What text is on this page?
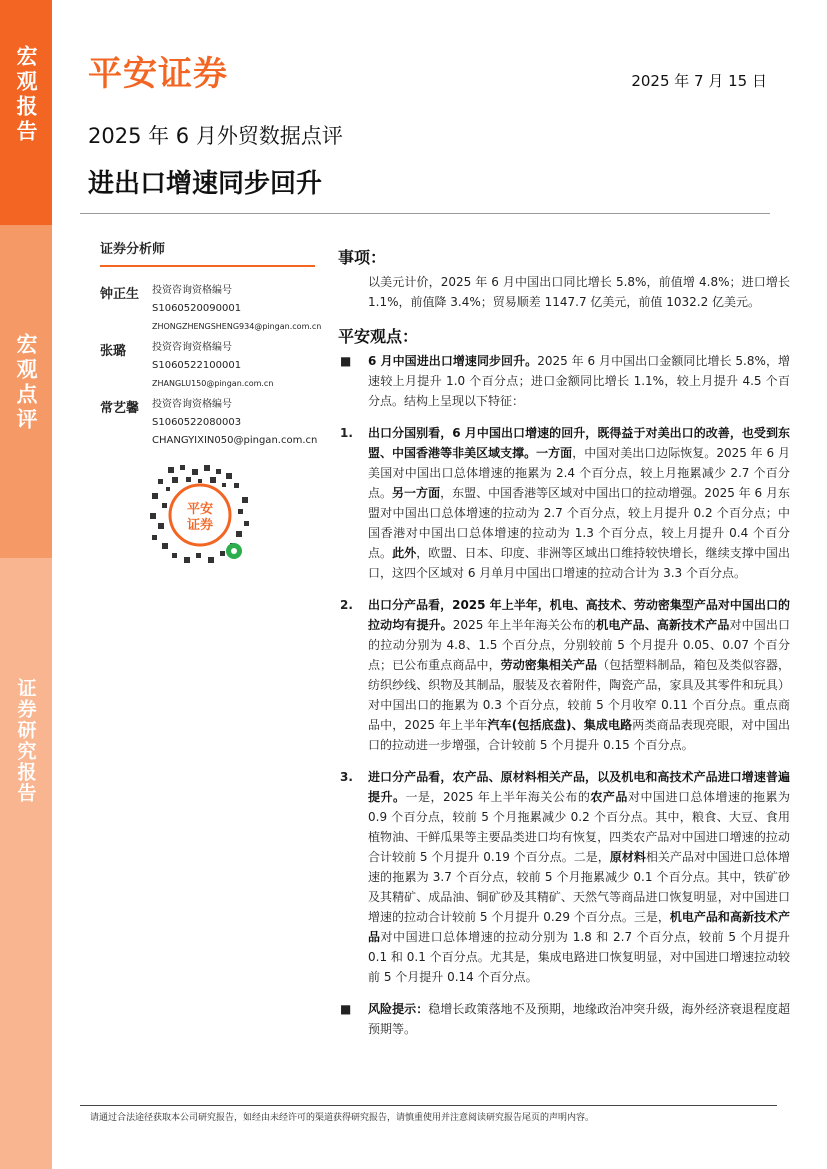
宏观报告
宏观点评
证券研究报告
平安证券	2025 年 7 月 15 日
2025 年 6 月外贸数据点评
进出口增速同步回升
证券分析师
钟正生 投资咨询资格编号
S1060520090001
ZHONGZHENGSHENG934@pingan.com.cn
张璐	投资咨询资格编号
S1060522100001
ZHANGLU150@pingan.com.cn
常艺馨 投资咨询资格编号
S1060522080003
CHANGYIXIN050@pingan.com.cn
平安
证券
事项：
以美元计价，2025 年 6 月中国出口同比增长 5.8%，前值增 4.8%；进口增长 1.1%，前值降 3.4%；贸易顺差 1147.7 亿美元，前值 1032.2 亿美元。
平安观点：
■ 6 月中国进出口增速同步回升。2025 年 6 月中国出口金额同比增长 5.8%，增速较上月提升 1.0 个百分点；进口金额同比增长 1.1%，较上月提升 4.5 个百分点。结构上呈现以下特征：
1. 出口分国别看，6 月中国出口增速的回升，既得益于对美出口的改善，也受到东盟、中国香港等非美区域支撑。一方面，中国对美出口边际恢复。2025 年 6 月美国对中国出口总体增速的拖累为 2.4 个百分点，较上月拖累减少 2.7 个百分点。另一方面，东盟、中国香港等区域对中国出口的拉动增强。2025 年 6 月东盟对中国出口总体增速的拉动为 2.7 个百分点，较上月提升 0.2 个百分点；中国香港对中国出口总体增速的拉动为 1.3 个百分点，较上月提升 0.4 个百分点。此外，欧盟、日本、印度、非洲等区域出口维持较快增长，继续支撑中国出口，这四个区域对 6 月单月中国出口增速的拉动合计为 3.3 个百分点。
2. 出口分产品看，2025 年上半年，机电、高技术、劳动密集型产品对中国出口的拉动均有提升。2025 年上半年海关公布的机电产品、高新技术产品对中国出口的拉动分别为 4.8、1.5 个百分点，分别较前 5 个月提升 0.05、0.07 个百分点；已公布重点商品中，劳动密集相关产品（包括塑料制品，箱包及类似容器，纺织纱线、织物及其制品，服装及衣着附件，陶瓷产品，家具及其零件和玩具）对中国出口的拖累为 0.3 个百分点，较前 5 个月收窄 0.11 个百分点。重点商品中，2025 年上半年汽车(包括底盘)、集成电路两类商品表现亮眼，对中国出口的拉动进一步增强，合计较前 5 个月提升 0.15 个百分点。
3. 进口分产品看，农产品、原材料相关产品，以及机电和高技术产品进口增速普遍提升。一是，2025 年上半年海关公布的农产品对中国进口总体增速的拖累为 0.9 个百分点，较前 5 个月拖累减少 0.2 个百分点。其中，粮食、大豆、食用植物油、干鲜瓜果等主要品类进口均有恢复，四类农产品对中国进口增速的拉动合计较前 5 个月提升 0.19 个百分点。二是，原材料相关产品对中国进口总体增速的拖累为 3.7 个百分点，较前 5 个月拖累减少 0.1 个百分点。其中，铁矿砂及其精矿、成品油、铜矿砂及其精矿、天然气等商品进口恢复明显，对中国进口增速的拉动合计较前 5 个月提升 0.29 个百分点。三是，机电产品和高新技术产品对中国进口总体增速的拉动分别为 1.8 和 2.7 个百分点，较前 5 个月提升 0.1 和 0.1 个百分点。尤其是，集成电路进口恢复明显，对中国进口增速拉动较前 5 个月提升 0.14 个百分点。
■ 风险提示：稳增长政策落地不及预期，地缘政治冲突升级，海外经济衰退程度超预期等。
请通过合法途径获取本公司研究报告，如经由未经许可的渠道获得研究报告，请慎重使用并注意阅读研究报告尾页的声明内容。
